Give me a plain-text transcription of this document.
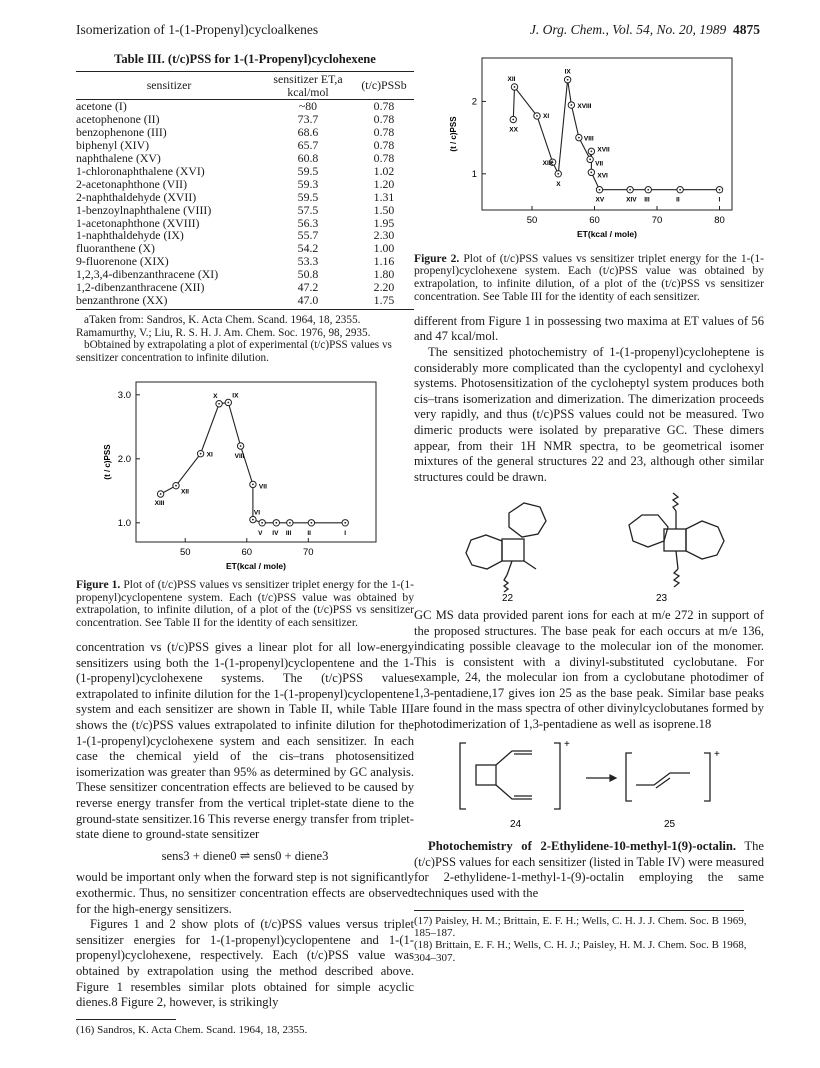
Isomerization of 1-(1-Propenyl)cycloalkenes	J. Org. Chem., Vol. 54, No. 20, 1989 4875
Table III. (t/c)PSS for 1-(1-Propenyl)cyclohexene
sensitizer	sensitizer ET,a kcal/mol	(t/c)PSSb
acetone (I)	~80	0.78
acetophenone (II)	73.7	0.78
benzophenone (III)	68.6	0.78
biphenyl (XIV)	65.7	0.78
naphthalene (XV)	60.8	0.78
1-chloronaphthalene (XVI)	59.5	1.02
2-acetonaphthone (VII)	59.3	1.20
2-naphthaldehyde (XVII)	59.5	1.31
1-benzoylnaphthalene (VIII)	57.5	1.50
1-acetonaphthone (XVIII)	56.3	1.95
1-naphthaldehyde (IX)	55.7	2.30
fluoranthene (X)	54.2	1.00
9-fluorenone (XIX)	53.3	1.16
1,2,3,4-dibenzanthracene (XI)	50.8	1.80
1,2-dibenzanthracene (XII)	47.2	2.20
benzanthrone (XX)	47.0	1.75
aTaken from: Sandros, K. Acta Chem. Scand. 1964, 18, 2355. Ramamurthy, V.; Liu, R. S. H. J. Am. Chem. Soc. 1976, 98, 2935.
bObtained by extrapolating a plot of experimental (t/c)PSS values vs sensitizer concentration to infinite dilution.
50	60	70
1.0
2.0
3.0
ET(kcal / mole)
(t / c)PSS
XIII
XII
XI
X IX
VIII
VII
VI
V IV III II	I
Figure 1. Plot of (t/c)PSS values vs sensitizer triplet energy for the 1-(1-propenyl)cyclopentene system. Each (t/c)PSS value was obtained by extrapolation, to infinite dilution, of a plot of the (t/c)PSS vs sensitizer concentration. See Table II for the identity of each sensitizer.

concentration vs (t/c)PSS gives a linear plot for all low-energy sensitizers using both the 1-(1-propenyl)cyclopentene and the 1-(1-propenyl)cyclohexene systems. The (t/c)PSS values extrapolated to infinite dilution for the 1-(1-propenyl)cyclopentene system and each sensitizer are shown in Table II, while Table III shows the (t/c)PSS values extrapolated to infinite dilution for the 1-(1-propenyl)cyclohexene system and each sensitizer. In each case the chemical yield of the cis–trans photosensitized isomerization was greater than 95% as determined by GC analysis. These sensitizer concentration effects are believed to be caused by reverse energy transfer from the vertical triplet-state diene to the ground-state sensitizer.16 This reverse energy transfer from triplet-state diene to ground-state sensitizer

sens3 + diene0 ⇌ sens0 + diene3

would be important only when the forward step is not significantly exothermic. Thus, no sensitizer concentration effects are observed for the high-energy sensitizers.

Figures 1 and 2 show plots of (t/c)PSS values versus triplet sensitizer energies for 1-(1-propenyl)cyclopentene and 1-(1-propenyl)cyclohexene, respectively. Each (t/c)PSS value was obtained by extrapolation using the method described above. Figure 1 resembles similar plots obtained for simple acyclic dienes.8 Figure 2, however, is strikingly

(16) Sandros, K. Acta Chem. Scand. 1964, 18, 2355.
50	60	70	80
1
2
ET(kcal / mole)
(t / c)PSS	XX
XII
XI
XIX
X
IX
XVIII
VIII
VII
XVII
XVI
XV	XIV III	II	I
Figure 2. Plot of (t/c)PSS values vs sensitizer triplet energy for the 1-(1-propenyl)cyclohexene system. Each (t/c)PSS value was obtained by extrapolation, to infinite dilution, of a plot of the (t/c)PSS vs sensitizer concentration. See Table III for the identity of each sensitizer.

different from Figure 1 in possessing two maxima at ET values of 56 and 47 kcal/mol.

The sensitized photochemistry of 1-(1-propenyl)cycloheptene is considerably more complicated than the cyclopentyl and cyclohexyl systems. Photosensitization of the cycloheptyl system produces both cis–trans isomerization and dimerization. The dimerization proceeds very rapidly, and thus (t/c)PSS values could not be measured. Two dimeric products were isolated by preparative GC. These dimers appear, from their 1H NMR spectra, to be geometrical isomer mixtures of the general structures 22 and 23, although other similar structures could be drawn.

22	23

GC MS data provided parent ions for each at m/e 272 in support of the proposed structures. The base peak for each occurs at m/e 136, indicating possible cleavage to the molecular ion of the monomer. This is consistent with a divinyl-substituted cyclobutane. For example, 24, the molecular ion from a cyclobutane photodimer of 1,3-pentadiene,17 gives ion 25 as the base peak. Similar base peaks are found in the mass spectra of other divinylcyclobutanes formed by photodimerization of 1,3-pentadiene as well as isoprene.18

+
+
24	25

Photochemistry of 2-Ethylidene-10-methyl-1(9)-octalin. The (t/c)PSS values for each sensitizer (listed in Table IV) were measured for 2-ethylidene-1-methyl-1-(9)-octalin employing the same techniques used with the

(17) Paisley, H. M.; Brittain, E. F. H.; Wells, C. H. J. J. Chem. Soc. B 1969, 185–187.
(18) Brittain, E. F. H.; Wells, C. H. J.; Paisley, H. M. J. Chem. Soc. B 1968, 304–307.
